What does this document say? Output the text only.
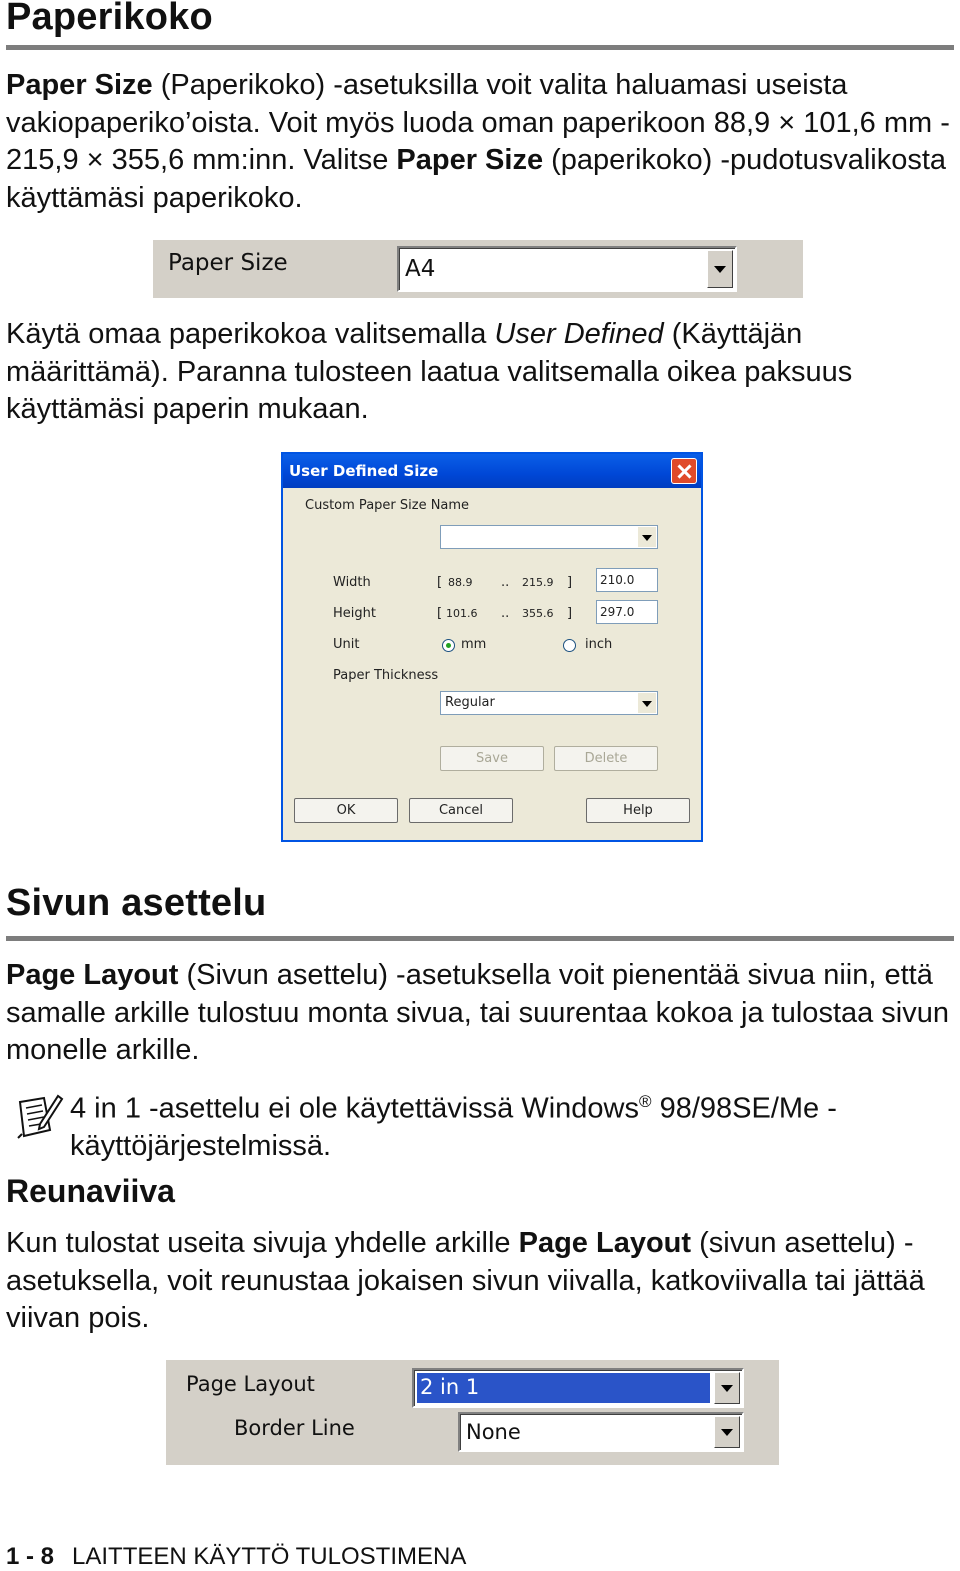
Paperikoko

Paper Size (Paperikoko) -asetuksilla voit valita haluamasi useista vakiopaperiko’oista. Voit myös luoda oman paperikoon 88,9 × 101,6 mm - 215,9 × 355,6 mm:inn. Valitse Paper Size (paperikoko) -pudotusvalikosta käyttämäsi paperikoko.

Paper Size	A4

Käytä omaa paperikokoa valitsemalla User Defined (Käyttäjän määrittämä). Paranna tulosteen laatua valitsemalla oikea paksuus käyttämäsi paperin mukaan.

User Defined Size
Custom Paper Size Name
Width	[ 88.9 .. 215.9 ]	210.0
Height	[ 101.6 .. 355.6 ]	297.0
Unit	mm	inch
Paper Thickness
Regular
Save	Delete
OK	Cancel	Help
Sivun asettelu

Page Layout (Sivun asettelu) -asetuksella voit pienentää sivua niin, että samalle arkille tulostuu monta sivua, tai suurentaa kokoa ja tulostaa sivun monelle arkille.

4 in 1 -asettelu ei ole käytettävissä Windows® 98/98SE/Me -käyttöjärjestelmissä.

Reunaviiva

Kun tulostat useita sivuja yhdelle arkille Page Layout (sivun asettelu) -asetuksella, voit reunustaa jokaisen sivun viivalla, katkoviivalla tai jättää viivan pois.

Page Layout	2 in 1
Border Line	None
1 - 8 LAITTEEN KÄYTTÖ TULOSTIMENA
